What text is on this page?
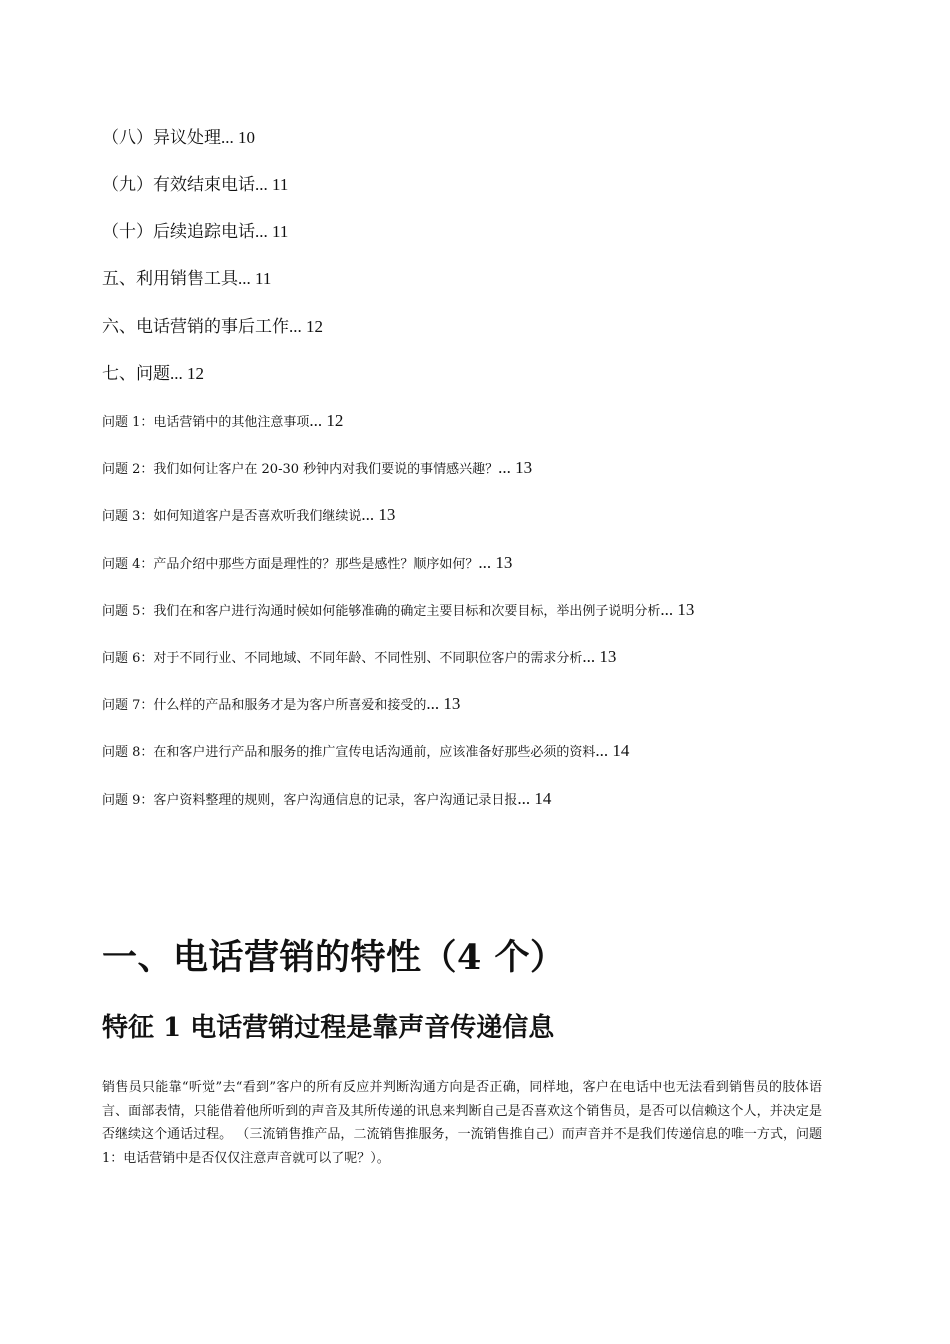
（八）异议处理... 10
（九）有效结束电话... 11
（十）后续追踪电话... 11
五、利用销售工具... 11
六、电话营销的事后工作... 12
七、问题... 12
问题 1：电话营销中的其他注意事项... 12
问题 2：我们如何让客户在 20-30 秒钟内对我们要说的事情感兴趣？... 13
问题 3：如何知道客户是否喜欢听我们继续说... 13
问题 4：产品介绍中那些方面是理性的？那些是感性？顺序如何？... 13
问题 5：我们在和客户进行沟通时候如何能够准确的确定主要目标和次要目标，举出例子说明分析... 13
问题 6：对于不同行业、不同地域、不同年龄、不同性别、不同职位客户的需求分析... 13
问题 7：什么样的产品和服务才是为客户所喜爱和接受的... 13
问题 8：在和客户进行产品和服务的推广宣传电话沟通前，应该准备好那些必须的资料... 14
问题 9：客户资料整理的规则，客户沟通信息的记录，客户沟通记录日报... 14
一、电话营销的特性（4 个）
特征 1 电话营销过程是靠声音传递信息
销售员只能靠“听觉”去“看到”客户的所有反应并判断沟通方向是否正确，同样地，客户在电话中也无法看到销售员的肢体语言、面部表情，只能借着他所听到的声音及其所传递的讯息来判断自己是否喜欢这个销售员，是否可以信赖这个人，并决定是否继续这个通话过程。 （三流销售推产品，二流销售推服务，一流销售推自己）而声音并不是我们传递信息的唯一方式，问题 1：电话营销中是否仅仅注意声音就可以了呢？）。
